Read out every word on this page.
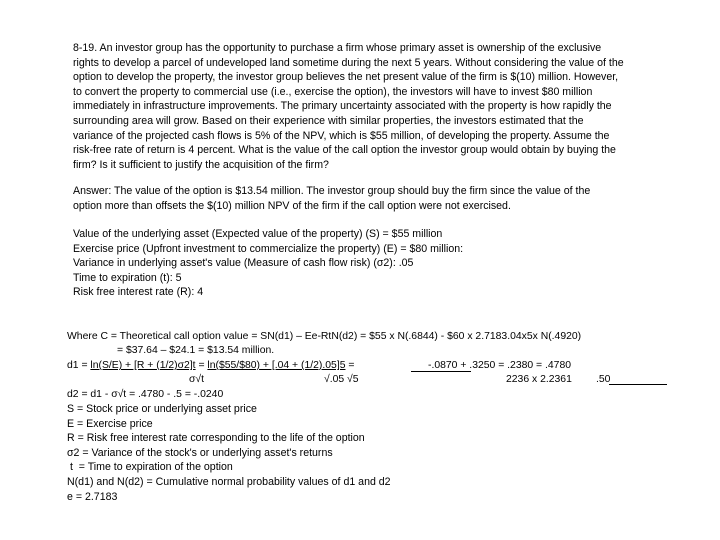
8-19. An investor group has the opportunity to purchase a firm whose primary asset is ownership of the exclusive
rights to develop a parcel of undeveloped land sometime during the next 5 years. Without considering the value of the
option to develop the property, the investor group believes the net present value of the firm is $(10) million. However,
to convert the property to commercial use (i.e., exercise the option), the investors will have to invest $80 million
immediately in infrastructure improvements. The primary uncertainty associated with the property is how rapidly the
surrounding area will grow. Based on their experience with similar properties, the investors estimated that the
variance of the projected cash flows is 5% of the NPV, which is $55 million, of developing the property. Assume the
risk-free rate of return is 4 percent. What is the value of the call option the investor group would obtain by buying the
firm? Is it sufficient to justify the acquisition of the firm?
Answer: The value of the option is $13.54 million. The investor group should buy the firm since the value of the
option more than offsets the $(10) million NPV of the firm if the call option were not exercised.
Value of the underlying asset (Expected value of the property) (S) = $55 million
Exercise price (Upfront investment to commercialize the property) (E) = $80 million:
Variance in underlying asset's value (Measure of cash flow risk) (σ2): .05
Time to expiration (t): 5
Risk free interest rate (R): 4
Where C = Theoretical call option value = SN(d1) – Ee-RtN(d2) = $55 x N(.6844) - $60 x 2.7183.04x5x N(.4920)
= $37.64 – $24.1 = $13.54 million.
d1 = ln(S/E) + [R + (1/2)σ2]t = ln($55/$80) + [.04 + (1/2).05]5 =	-.0870 + .3250 = .2380 = .4780
σ√t	√.05 √5	2236 x 2.2361 .50
d2 = d1 - σ√t = .4780 - .5 = -.0240
S = Stock price or underlying asset price
E = Exercise price
R = Risk free interest rate corresponding to the life of the option
σ2 = Variance of the stock's or underlying asset's returns
t  = Time to expiration of the option
N(d1) and N(d2) = Cumulative normal probability values of d1 and d2
e = 2.7183
